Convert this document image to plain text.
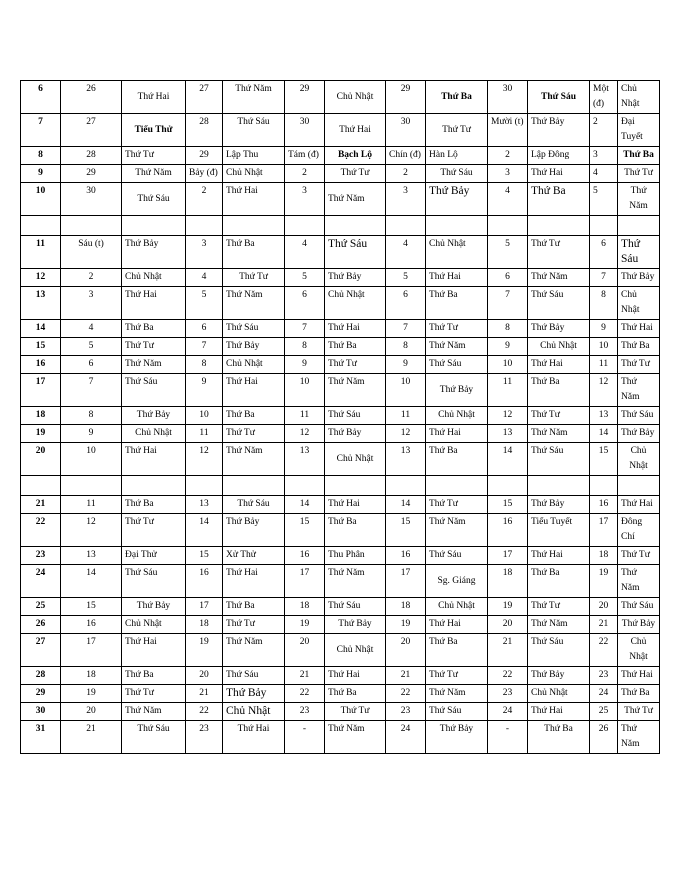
6	26	Thứ Hai	27	Thứ Năm	29	Chủ Nhật	29	Thứ Ba	30	Thứ Sáu	Một (đ)	Chủ Nhật
7	27	Tiểu Thử	28	Thứ Sáu	30	Thứ Hai	30	Thứ Tư	Mười (t)	Thứ Bảy	2	Đại Tuyết
8	28	Thứ Tư	29	Lập Thu	Tám (đ)	Bạch Lộ	Chín (đ)	Hàn Lộ	2	Lập Đông	3	Thứ Ba
9	29	Thứ Năm	Bảy (đ)	Chủ Nhật	2	Thứ Tư	2	Thứ Sáu	3	Thứ Hai	4	Thứ Tư
10	30	Thứ Sáu	2	Thứ Hai	3	Thứ Năm	3	Thứ Bảy	4	Thứ Ba	5	Thứ Năm

11	Sáu (t)	Thứ Bảy	3	Thứ Ba	4	Thứ Sáu	4	Chủ Nhật	5	Thứ Tư	6	Thứ Sáu
12	2	Chủ Nhật	4	Thứ Tư	5	Thứ Bảy	5	Thứ Hai	6	Thứ Năm	7	Thứ Bảy
13	3	Thứ Hai	5	Thứ Năm	6	Chủ Nhật	6	Thứ Ba	7	Thứ Sáu	8	Chủ Nhật
14	4	Thứ Ba	6	Thứ Sáu	7	Thứ Hai	7	Thứ Tư	8	Thứ Bảy	9	Thứ Hai
15	5	Thứ Tư	7	Thứ Bảy	8	Thứ Ba	8	Thứ Năm	9	Chủ Nhật	10	Thứ Ba
16	6	Thứ Năm	8	Chủ Nhật	9	Thứ Tư	9	Thứ Sáu	10	Thứ Hai	11	Thứ Tư
17	7	Thứ Sáu	9	Thứ Hai	10	Thứ Năm	10	Thứ Bảy	11	Thứ Ba	12	Thứ Năm
18	8	Thứ Bảy	10	Thứ Ba	11	Thứ Sáu	11	Chủ Nhật	12	Thứ Tư	13	Thứ Sáu
19	9	Chủ Nhật	11	Thứ Tư	12	Thứ Bảy	12	Thứ Hai	13	Thứ Năm	14	Thứ Bảy
20	10	Thứ Hai	12	Thứ Năm	13	Chủ Nhật	13	Thứ Ba	14	Thứ Sáu	15	Chủ Nhật

21	11	Thứ Ba	13	Thứ Sáu	14	Thứ Hai	14	Thứ Tư	15	Thứ Bảy	16	Thứ Hai
22	12	Thứ Tư	14	Thứ Bảy	15	Thứ Ba	15	Thứ Năm	16	Tiểu Tuyết	17	Đông Chí
23	13	Đại Thử	15	Xử Thử	16	Thu Phân	16	Thứ Sáu	17	Thứ Hai	18	Thứ Tư
24	14	Thứ Sáu	16	Thứ Hai	17	Thứ Năm	17	Sg. Giáng	18	Thứ Ba	19	Thứ Năm
25	15	Thứ Bảy	17	Thứ Ba	18	Thứ Sáu	18	Chủ Nhật	19	Thứ Tư	20	Thứ Sáu
26	16	Chủ Nhật	18	Thứ Tư	19	Thứ Bảy	19	Thứ Hai	20	Thứ Năm	21	Thứ Bảy
27	17	Thứ Hai	19	Thứ Năm	20	Chủ Nhật	20	Thứ Ba	21	Thứ Sáu	22	Chủ Nhật
28	18	Thứ Ba	20	Thứ Sáu	21	Thứ Hai	21	Thứ Tư	22	Thứ Bảy	23	Thứ Hai
29	19	Thứ Tư	21	Thứ Bảy	22	Thứ Ba	22	Thứ Năm	23	Chủ Nhật	24	Thứ Ba
30	20	Thứ Năm	22	Chủ Nhật	23	Thứ Tư	23	Thứ Sáu	24	Thứ Hai	25	Thứ Tư
31	21	Thứ Sáu	23	Thứ Hai	-	Thứ Năm	24	Thứ Bảy	-	Thứ Ba	26	Thứ Năm
